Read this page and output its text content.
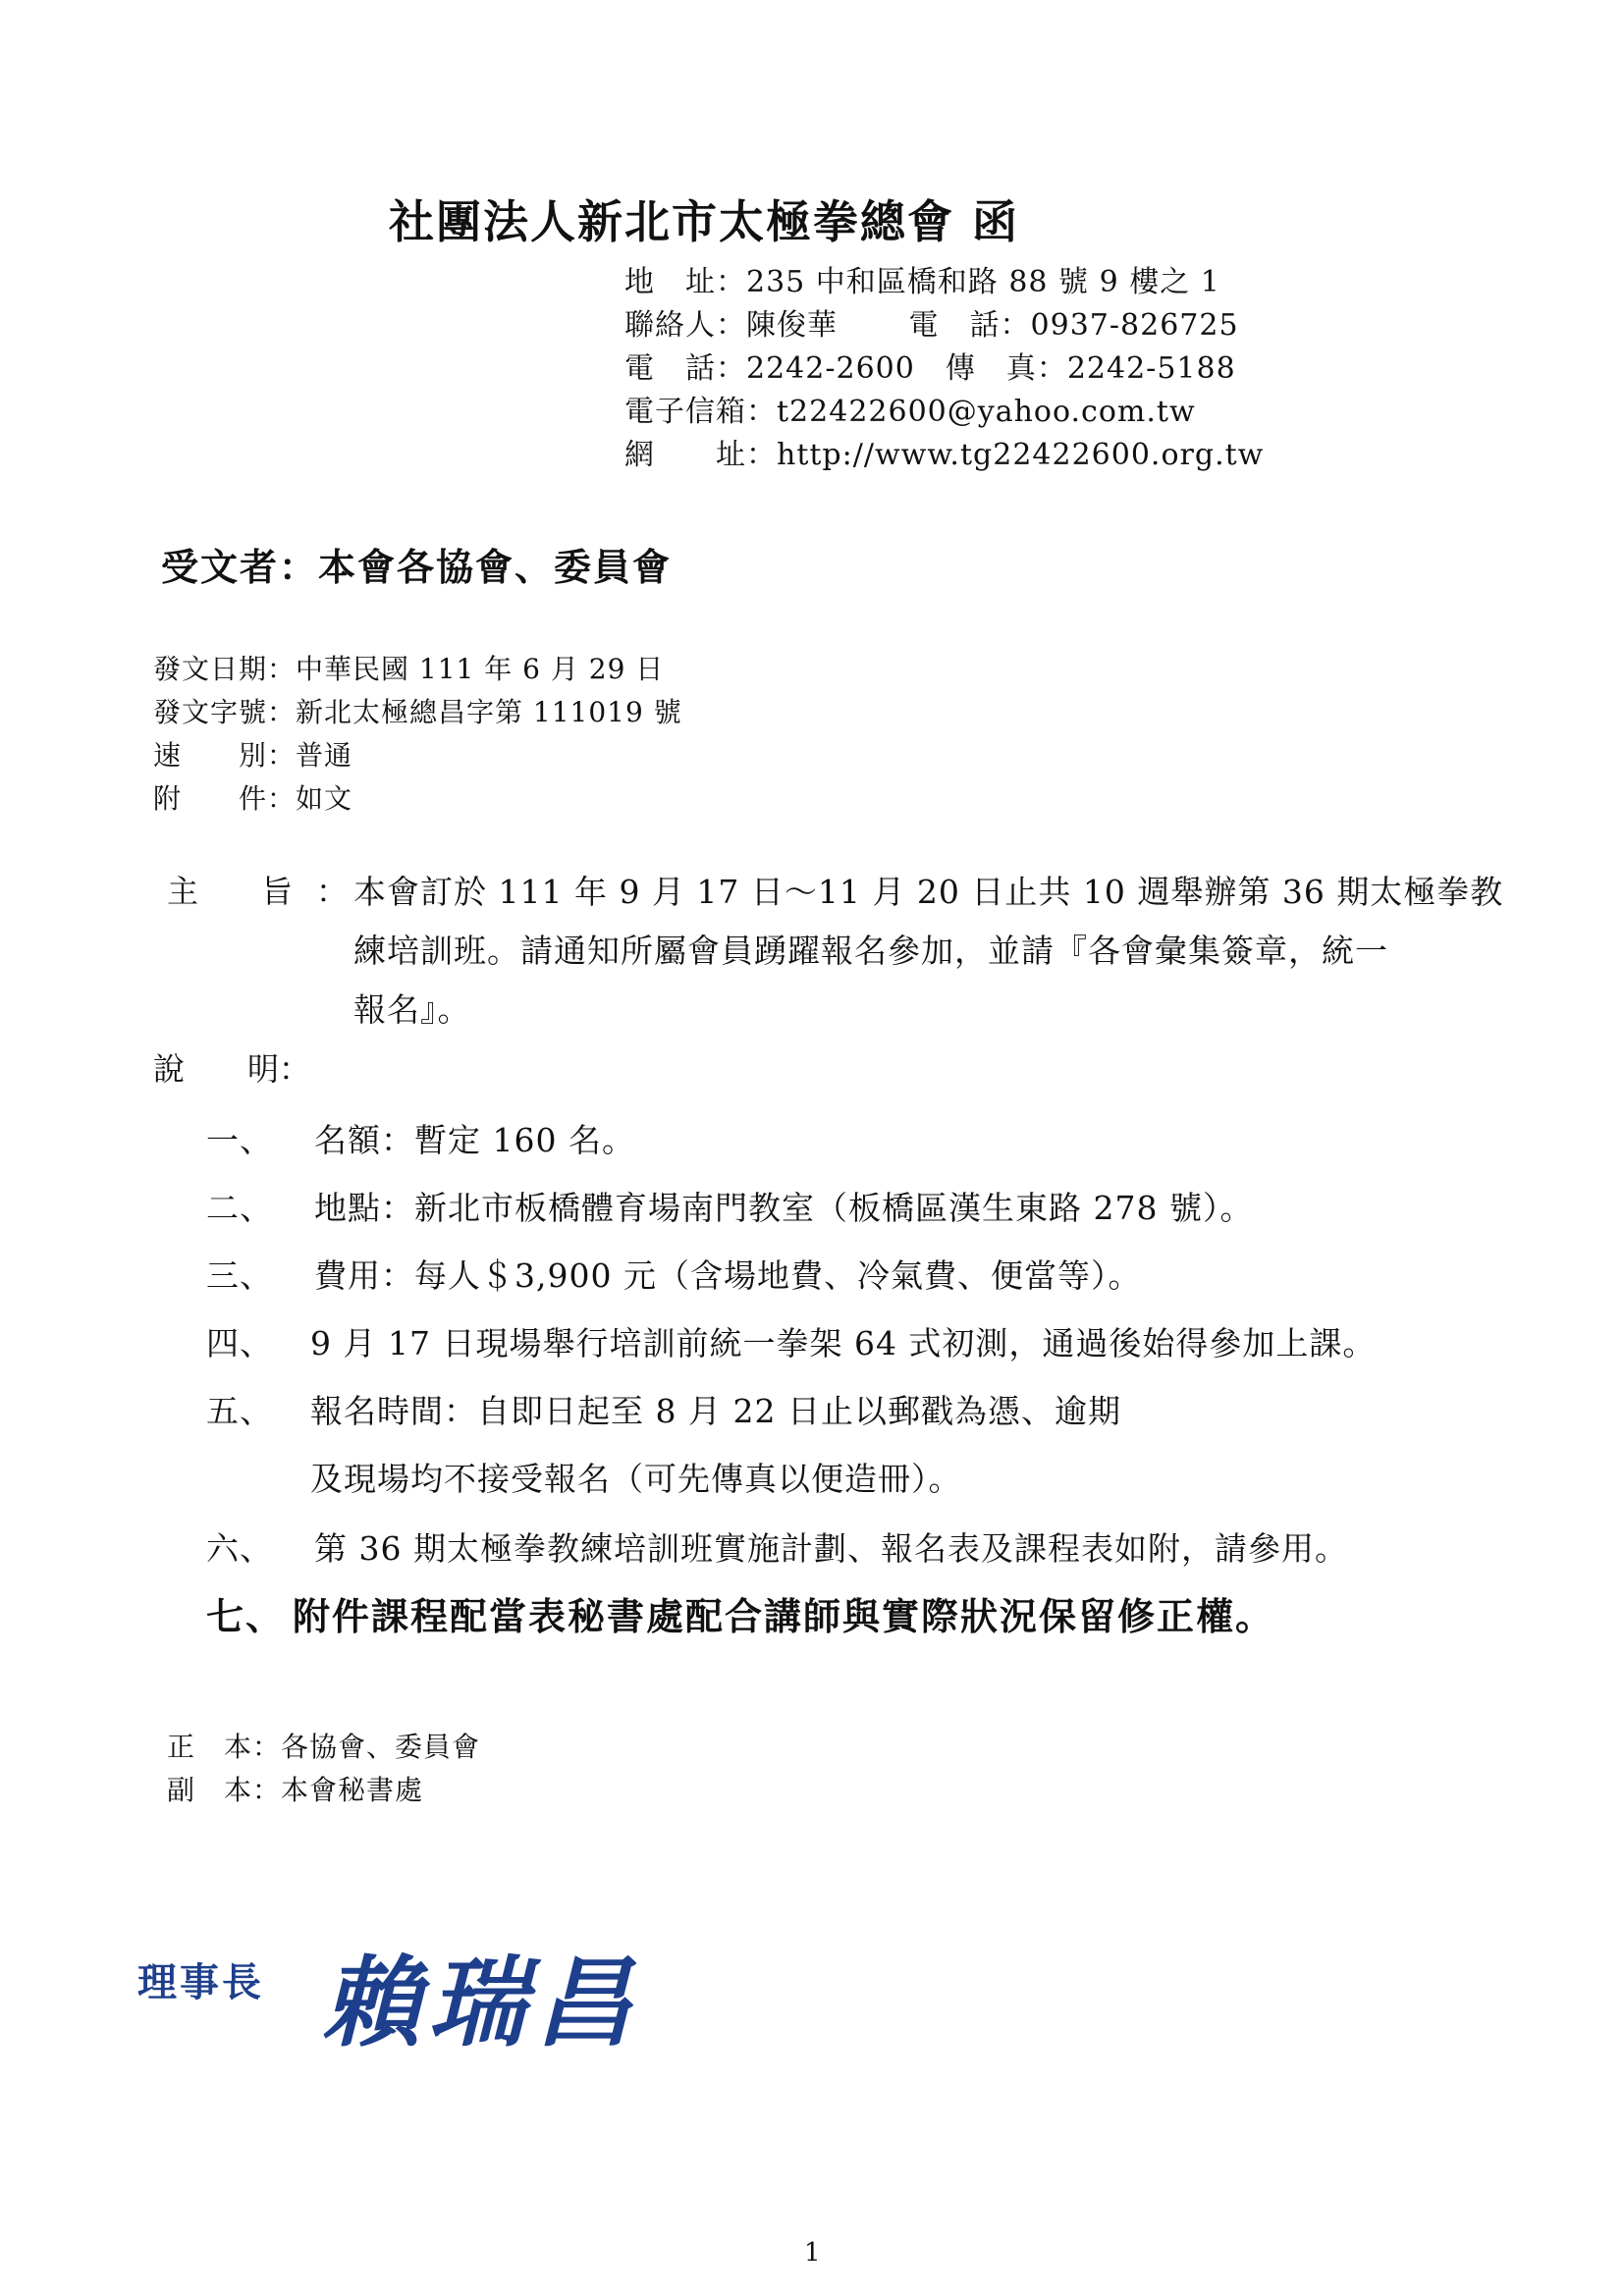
社團法人新北市太極拳總會 函
地　址：235 中和區橋和路 88 號 9 樓之 1
聯絡人：陳俊華　　 電　話：0937-826725
電　話：2242-2600　傳　真：2242-5188
電子信箱：t22422600@yahoo.com.tw
網　　址：http://www.tg22422600.org.tw
受文者：本會各協會、委員會
發文日期：中華民國 111 年 6 月 29 日
發文字號：新北太極總昌字第 111019 號
速　　別：普通
附　　件：如文
主　　旨 ： 本會訂於 111 年 9 月 17 日～11 月 20 日止共 10 週舉辦第 36 期太極拳教
練培訓班。請通知所屬會員踴躍報名參加，並請『各會彙集簽章，統一
報名』。
說　　明：
一、 名額：暫定 160 名。
二、 地點：新北市板橋體育場南門教室（板橋區漢生東路 278 號）。
三、 費用：每人＄3,900 元（含場地費、冷氣費、便當等）。
四、 9 月 17 日現場舉行培訓前統一拳架 64 式初測，通過後始得參加上課。
五、 報名時間：自即日起至 8 月 22 日止以郵戳為憑、逾期
及現場均不接受報名（可先傳真以便造冊）。
六、 第 36 期太極拳教練培訓班實施計劃、報名表及課程表如附，請參用。
七、 附件課程配當表秘書處配合講師與實際狀況保留修正權。
正　本：各協會、委員會
副　本：本會秘書處
理事長 賴瑞昌
1
